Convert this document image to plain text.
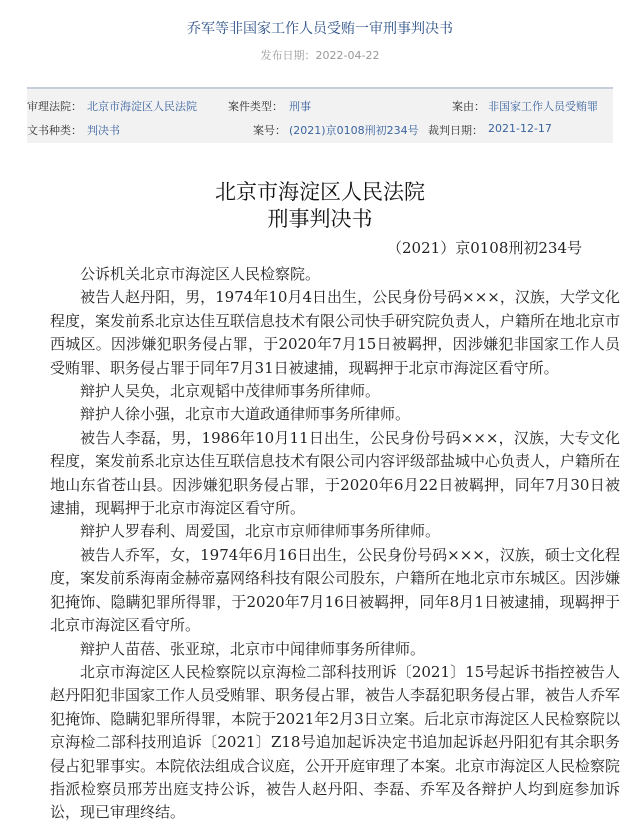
乔军等非国家工作人员受贿一审刑事判决书
发布日期：2022-04-22
审理法院： 北京市海淀区人民法院	案件类型： 刑事	案由： 非国家工作人员受贿罪
文书种类： 判决书	案号： (2021)京0108刑初234号 裁判日期： 2021-12-17
北京市海淀区人民法院
刑事判决书
（2021）京0108刑初234号

公诉机关北京市海淀区人民检察院。

被告人赵丹阳，男，1974年10月4日出生，公民身份号码×××，汉族，大学文化程度，案发前系北京达佳互联信息技术有限公司快手研究院负责人，户籍所在地北京市西城区。因涉嫌犯职务侵占罪，于2020年7月15日被羁押，因涉嫌犯非国家工作人员受贿罪、职务侵占罪于同年7月31日被逮捕，现羁押于北京市海淀区看守所。

辩护人吴奂，北京观韬中茂律师事务所律师。

辩护人徐小强，北京市大道政通律师事务所律师。

被告人李磊，男，1986年10月11日出生，公民身份号码×××，汉族，大专文化程度，案发前系北京达佳互联信息技术有限公司内容评级部盐城中心负责人，户籍所在地山东省苍山县。因涉嫌犯职务侵占罪，于2020年6月22日被羁押，同年7月30日被逮捕，现羁押于北京市海淀区看守所。

辩护人罗春利、周爱国，北京市京师律师事务所律师。

被告人乔军，女，1974年6月16日出生，公民身份号码×××，汉族，硕士文化程度，案发前系海南金赫帝嘉网络科技有限公司股东，户籍所在地北京市东城区。因涉嫌犯掩饰、隐瞒犯罪所得罪，于2020年7月16日被羁押，同年8月1日被逮捕，现羁押于北京市海淀区看守所。

辩护人苗蓓、张亚琼，北京市中闻律师事务所律师。

北京市海淀区人民检察院以京海检二部科技刑诉〔2021〕15号起诉书指控被告人赵丹阳犯非国家工作人员受贿罪、职务侵占罪，被告人李磊犯职务侵占罪，被告人乔军犯掩饰、隐瞒犯罪所得罪，本院于2021年2月3日立案。后北京市海淀区人民检察院以京海检二部科技刑追诉〔2021〕Z18号追加起诉决定书追加起诉赵丹阳犯有其余职务侵占犯罪事实。本院依法组成合议庭，公开开庭审理了本案。北京市海淀区人民检察院指派检察员邢芳出庭支持公诉，被告人赵丹阳、李磊、乔军及各辩护人均到庭参加诉讼，现已审理终结。
